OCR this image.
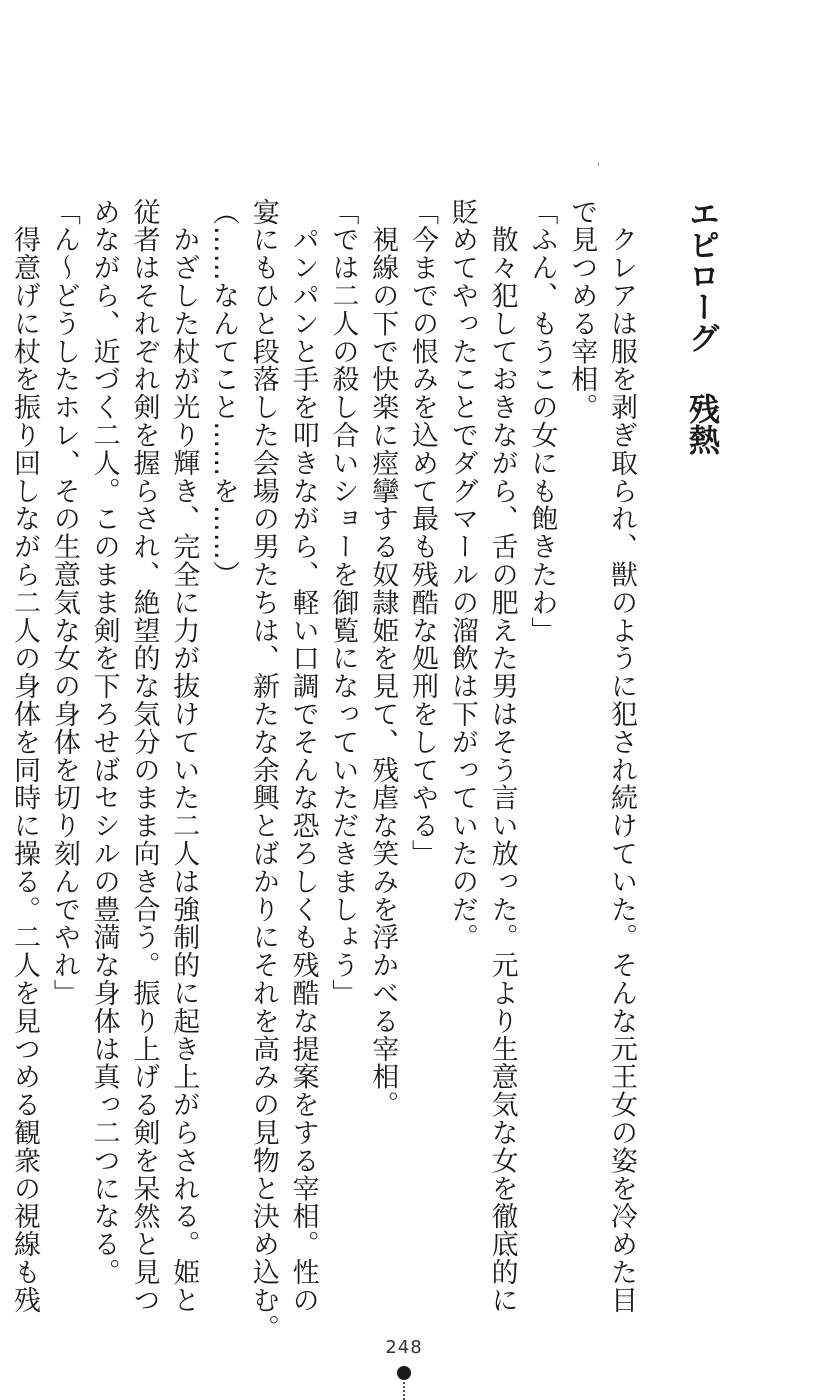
エピローグ残熱
　クレアは服を剥ぎ取られ、獣のように犯され続けていた。そんな元王女の姿を冷めた目
で見つめる宰相。
「ふん、もうこの女にも飽きたわ」
　散々犯しておきながら、舌の肥えた男はそう言い放った。元より生意気な女を徹底的に
貶めてやったことでダグマールの溜飲は下がっていたのだ。
「今までの恨みを込めて最も残酷な処刑をしてやる」
　視線の下で快楽に痙攣する奴隷姫を見て、残虐な笑みを浮かべる宰相。
「では二人の殺し合いショーを御覧になっていただきましょう」
　パンパンと手を叩きながら、軽い口調でそんな恐ろしくも残酷な提案をする宰相。性の
宴にもひと段落した会場の男たちは、新たな余興とばかりにそれを高みの見物と決め込む。
（……なんてこと……を……）
　かざした杖が光り輝き、完全に力が抜けていた二人は強制的に起き上がらされる。姫と
従者はそれぞれ剣を握らされ、絶望的な気分のまま向き合う。振り上げる剣を呆然と見つ
めながら、近づく二人。このまま剣を下ろせばセシルの豊満な身体は真っ二つになる。
「ん〜どうしたホレ、その生意気な女の身体を切り刻んでやれ」
　得意げに杖を振り回しながら二人の身体を同時に操る。二人を見つめる観衆の視線も残
248
